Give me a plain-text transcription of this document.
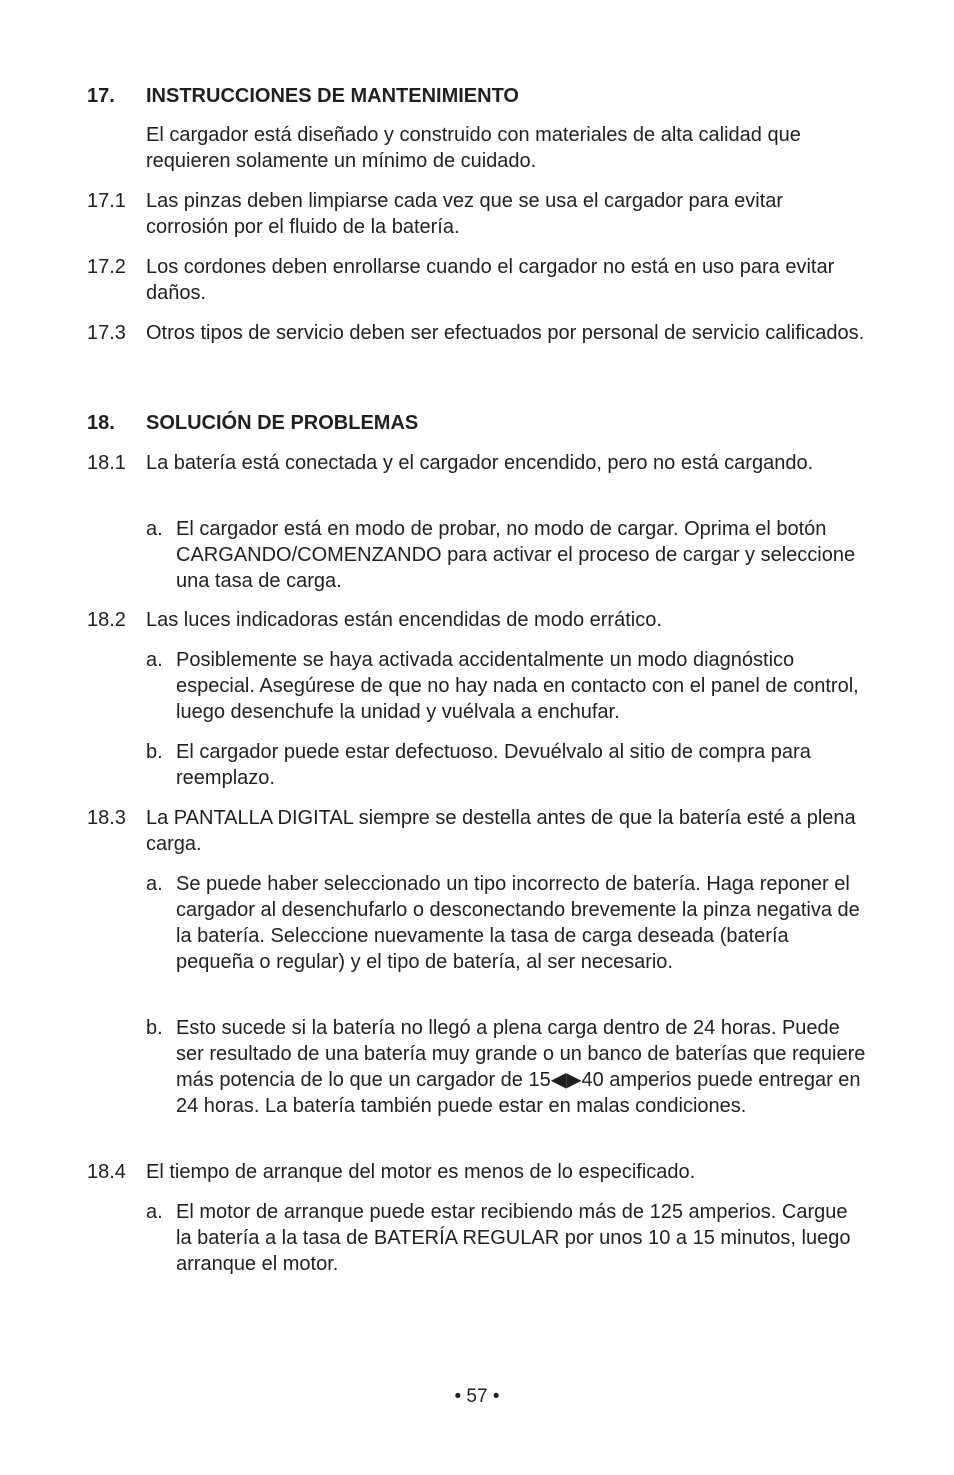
17. INSTRUCCIONES DE MANTENIMIENTO
El cargador está diseñado y construido con materiales de alta calidad que requieren solamente un mínimo de cuidado.
17.1 Las pinzas deben limpiarse cada vez que se usa el cargador para evitar corrosión por el fluido de la batería.
17.2 Los cordones deben enrollarse cuando el cargador no está en uso para evitar daños.
17.3 Otros tipos de servicio deben ser efectuados por personal de servicio calificados.
18. SOLUCIÓN DE PROBLEMAS
18.1 La batería está conectada y el cargador encendido, pero no está cargando.
a. El cargador está en modo de probar, no modo de cargar. Oprima el botón CARGANDO/COMENZANDO para activar el proceso de cargar y seleccione una tasa de carga.
18.2 Las luces indicadoras están encendidas de modo errático.
a. Posiblemente se haya activada accidentalmente un modo diagnóstico especial. Asegúrese de que no hay nada en contacto con el panel de control, luego desenchufe la unidad y vuélvala a enchufar.
b. El cargador puede estar defectuoso. Devuélvalo al sitio de compra para reemplazo.
18.3 La PANTALLA DIGITAL siempre se destella antes de que la batería esté a plena carga.
a. Se puede haber seleccionado un tipo incorrecto de batería. Haga reponer el cargador al desenchufarlo o desconectando brevemente la pinza negativa de la batería. Seleccione nuevamente la tasa de carga deseada (batería pequeña o regular) y el tipo de batería, al ser necesario.
b. Esto sucede si la batería no llegó a plena carga dentro de 24 horas. Puede ser resultado de una batería muy grande o un banco de baterías que requiere más potencia de lo que un cargador de 15◀▶40 amperios puede entregar en 24 horas. La batería también puede estar en malas condiciones.
18.4 El tiempo de arranque del motor es menos de lo especificado.
a. El motor de arranque puede estar recibiendo más de 125 amperios. Cargue la batería a la tasa de BATERÍA REGULAR por unos 10 a 15 minutos, luego arranque el motor.
• 57 •
